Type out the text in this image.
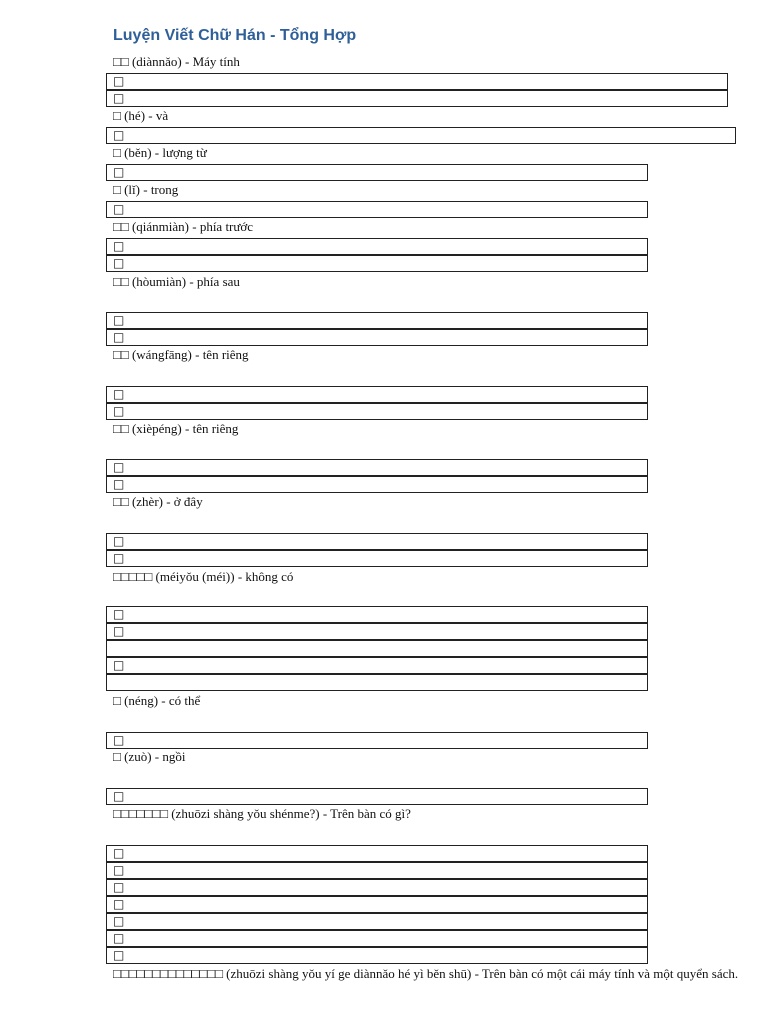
Luyện Viết Chữ Hán - Tổng Hợp
□□ (diànnǎo) - Máy tính
□
□
□ (hé) - và
□
□ (běn) - lượng từ
□
□ (lǐ) - trong
□
□□ (qiánmiàn) - phía trước
□
□
□□ (hòumiàn) - phía sau
□
□
□□ (wángfāng) - tên riêng
□
□
□□ (xièpéng) - tên riêng
□
□
□□ (zhèr) - ở đây
□
□
□□□□□ (méiyǒu (méi)) - không có
□
□
□
□ (néng) - có thể
□
□ (zuò) - ngồi
□
□□□□□□□ (zhuōzi shàng yǒu shénme?) - Trên bàn có gì?
□
□
□
□
□
□
□
□□□□□□□□□□□□□□ (zhuōzi shàng yǒu yí ge diànnǎo hé yì běn shū) - Trên bàn có một cái máy tính và một quyển sách.
